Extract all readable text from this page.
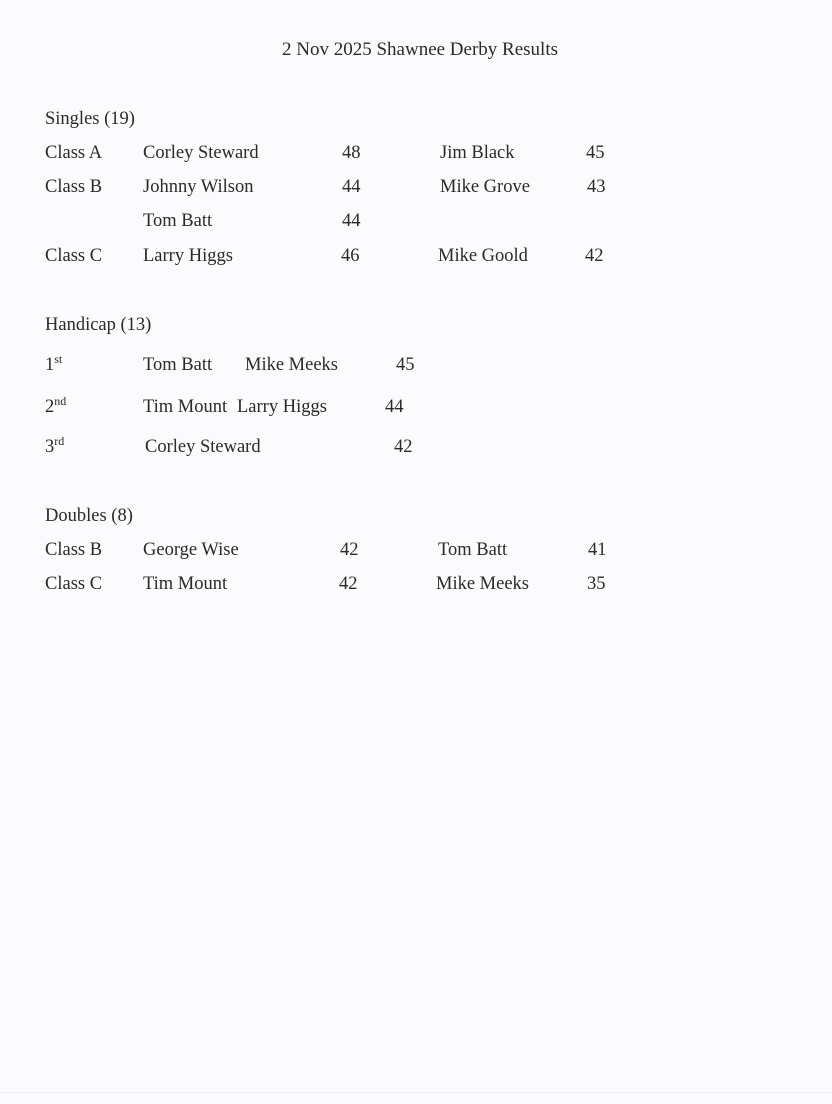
2 Nov 2025 Shawnee Derby Results
Singles (19)
Class A Corley Steward	48	Jim Black	45
Class B Johnny Wilson	44	Mike Grove	43
Tom Batt	44
Class C Larry Higgs	46	Mike Goold	42
Handicap (13)
1st	Tom Batt Mike Meeks	45
2nd	Tim Mount Larry Higgs	44
3rd	Corley Steward	42
Doubles (8)
Class B George Wise	42	Tom Batt	41
Class C Tim Mount	42	Mike Meeks	35
